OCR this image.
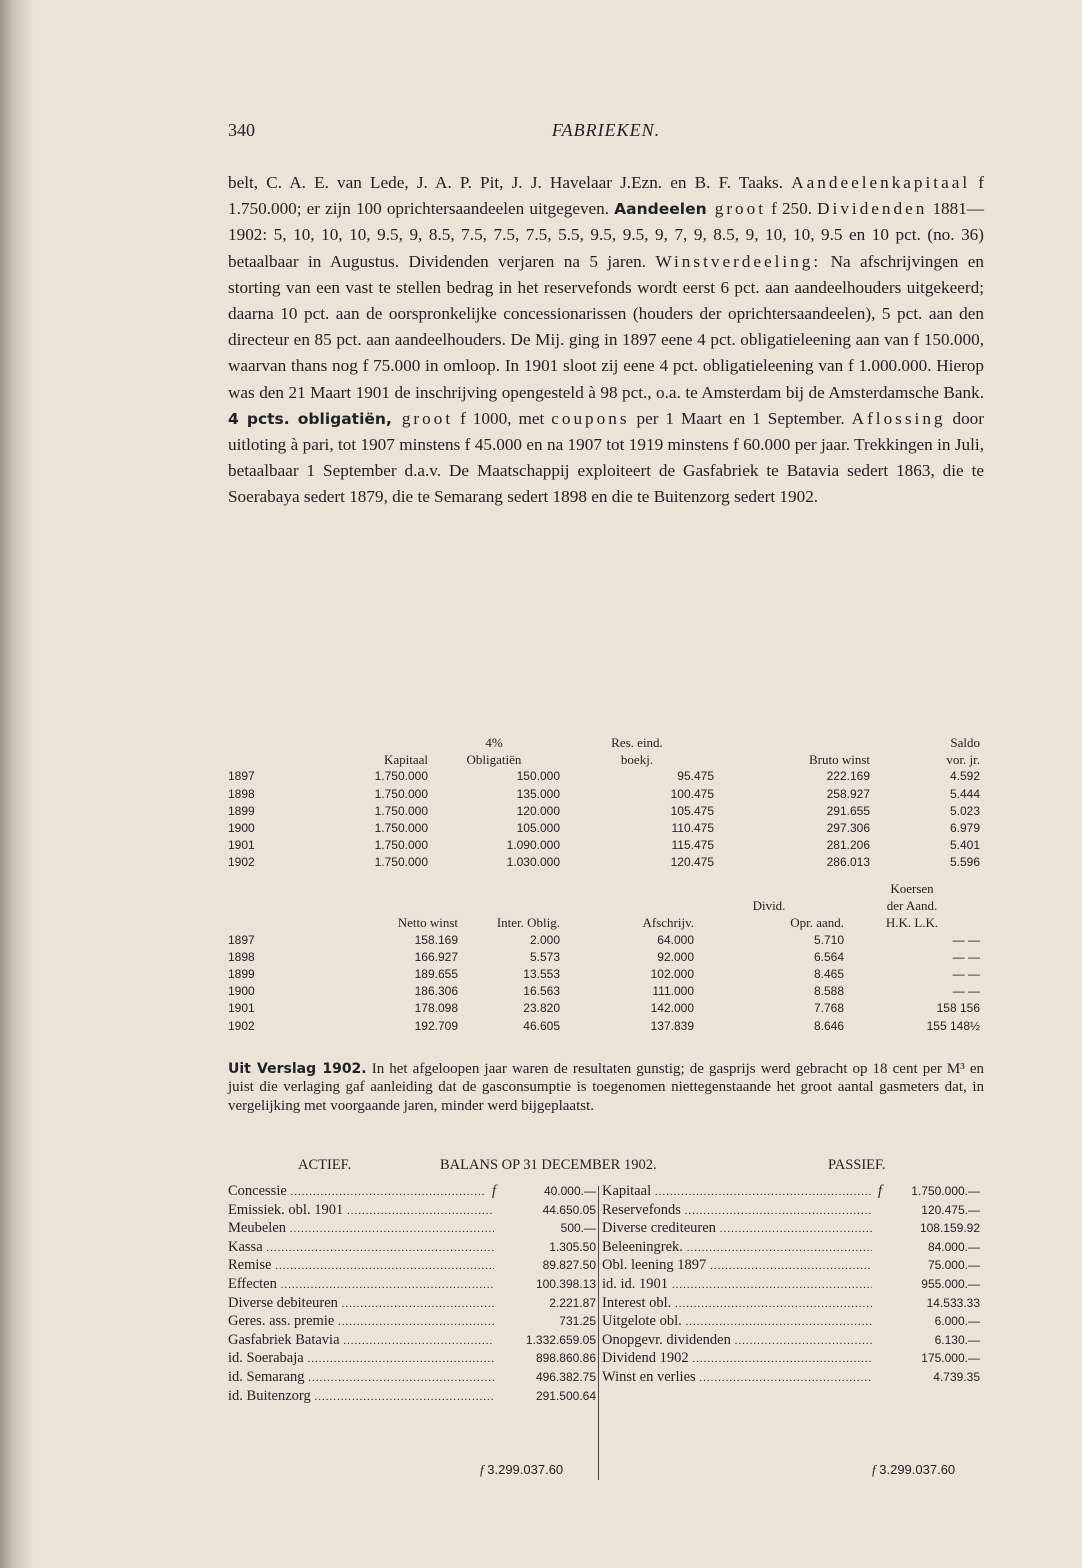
340	FABRIEKEN.
belt, C. A. E. van Lede, J. A. P. Pit, J. J. Havelaar J.Ezn. en B. F. Taaks. Aandeelenkapitaal f 1.750.000; er zijn 100 oprichtersaandeelen uitgegeven. Aandeelen groot f 250. Dividenden 1881—1902: 5, 10, 10, 10, 9.5, 9, 8.5, 7.5, 7.5, 7.5, 5.5, 9.5, 9.5, 9, 7, 9, 8.5, 9, 10, 10, 9.5 en 10 pct. (no. 36) betaalbaar in Augustus. Dividenden verjaren na 5 jaren. Winstverdeeling: Na afschrijvingen en storting van een vast te stellen bedrag in het reservefonds wordt eerst 6 pct. aan aandeelhouders uitgekeerd; daarna 10 pct. aan de oorspronkelijke concessionarissen (houders der oprichtersaandeelen), 5 pct. aan den directeur en 85 pct. aan aandeelhouders. De Mij. ging in 1897 eene 4 pct. obligatieleening aan van f 150.000, waarvan thans nog f 75.000 in omloop. In 1901 sloot zij eene 4 pct. obligatieleening van f 1.000.000. Hierop was den 21 Maart 1901 de inschrijving opengesteld à 98 pct., o.a. te Amsterdam bij de Amsterdamsche Bank. 4 pcts. obligatiën, groot f 1000, met coupons per 1 Maart en 1 September. Aflossing door uitloting à pari, tot 1907 minstens f 45.000 en na 1907 tot 1919 minstens f 60.000 per jaar. Trekkingen in Juli, betaalbaar 1 September d.a.v. De Maatschappij exploiteert de Gasfabriek te Batavia sedert 1863, die te Soerabaya sedert 1879, die te Semarang sedert 1898 en die te Buitenzorg sedert 1902.
		4%	Res. eind.		Saldo
	Kapitaal	Obligatiën	boekj.	Bruto winst	vor. jr.
1897	1.750.000	150.000	95.475	222.169	4.592
1898	1.750.000	135.000	100.475	258.927	5.444
1899	1.750.000	120.000	105.475	291.655	5.023
1900	1.750.000	105.000	110.475	297.306	6.979
1901	1.750.000	1.090.000	115.475	281.206	5.401
1902	1.750.000	1.030.000	120.475	286.013	5.596
					Koersen
				Divid.	der Aand.
	Netto winst	Inter. Oblig.	Afschrijv.	Opr. aand.	H.K. L.K.
1897	158.169	2.000	64.000	5.710	— —
1898	166.927	5.573	92.000	6.564	— —
1899	189.655	13.553	102.000	8.465	— —
1900	186.306	16.563	111.000	8.588	— —
1901	178.098	23.820	142.000	7.768	158 156
1902	192.709	46.605	137.839	8.646	155 148½
Uit Verslag 1902. In het afgeloopen jaar waren de resultaten gunstig; de gasprijs werd gebracht op 18 cent per M³ en juist die verlaging gaf aanleiding dat de gasconsumptie is toegenomen niettegenstaande het groot aantal gasmeters dat, in vergelijking met voorgaande jaren, minder werd bijgeplaatst.
ACTIEF.	BALANS OP 31 DECEMBER 1902.	PASSIEF.
Concessie .....	f	40.000.— Kapitaal .....	f	1.750.000.—
Emissiek. obl. 1901 .....	44.650.05 Reservefonds .....	120.475.—
Meubelen .....	500.— Diverse crediteuren .....	108.159.92
Kassa .....	1.305.50 Beleeningrek. .....	84.000.—
Remise .....	89.827.50 Obl. leening 1897 .....	75.000.—
Effecten .....	100.398.13 id. id. 1901 .....	955.000.—
Diverse debiteuren .....	2.221.87 Interest obl. .....	14.533.33
Geres. ass. premie .....	731.25 Uitgelote obl. .....	6.000.—
Gasfabriek Batavia .....	1.332.659.05 Onopgevr. dividenden .....	6.130.—
id. Soerabaja .....	898.860.86 Dividend 1902 .....	175.000.—
id. Semarang .....	496.382.75 Winst en verlies .....	4.739.35
id. Buitenzorg .....	291.500.64
f 3.299.037.60	f 3.299.037.60
